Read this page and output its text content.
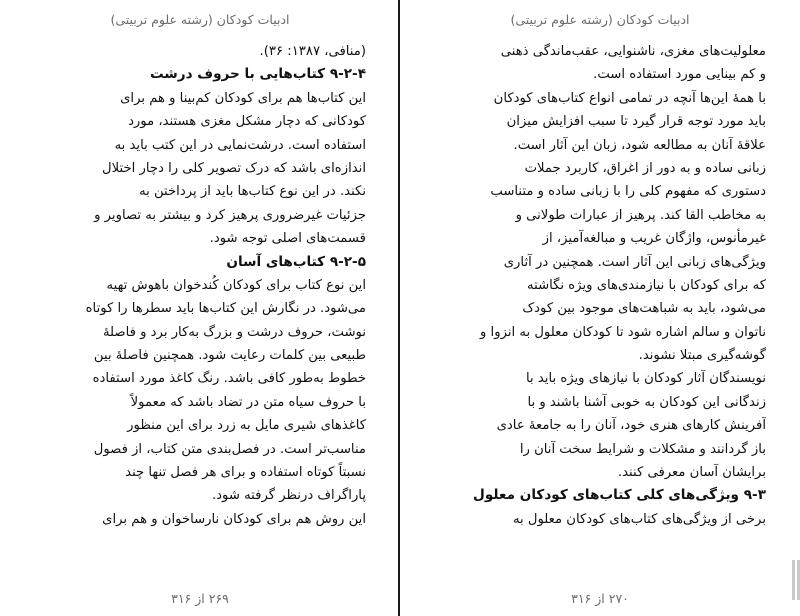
ادبیات کودکان (رشته علوم تربیتی)
(منافی، ۱۳۸۷: ۳۶).
۹-۲-۴ کتاب‌هایی با حروف درشت
این کتاب‌ها هم برای کودکان کم‌بینا و هم برای
کودکانی که دچار مشکل مغزی هستند، مورد
استفاده است. درشت‌نمایی در این کتب باید به
اندازه‌ای باشد که درک تصویر کلی را دچار اختلال
نکند. در این نوع کتاب‌ها باید از پرداختن به
جزئیات غیرضروری پرهیز کرد و بیشتر به تصاویر و
قسمت‌های اصلی توجه شود.
۹-۲-۵ کتاب‌های آسان
این نوع کتاب برای کودکان کُندخوان باهوش تهیه
می‌شود. در نگارش این کتاب‌ها باید سطرها را کوتاه
نوشت، حروف درشت و بزرگ به‌کار برد و فاصلهٔ
طبیعی بین کلمات رعایت شود. همچنین فاصلهٔ بین
خطوط به‌طور کافی باشد. رنگ کاغذ مورد استفاده
با حروف سیاه متن در تضاد باشد که معمولاً
کاغذهای شیری مایل به زرد برای این منظور
مناسب‌تر است. در فصل‌بندی متن کتاب، از فصول
نسبتاً کوتاه استفاده و برای هر فصل تنها چند
پاراگراف درنظر گرفته شود.
این روش هم برای کودکان نارساخوان و هم برای
۲۶۹ از ۳۱۶
ادبیات کودکان (رشته علوم تربیتی)
معلولیت‌های مغزی، ناشنوایی، عقب‌ماندگی ذهنی
و کم بینایی مورد استفاده است.
با همهٔ این‌ها آنچه در تمامی انواع کتاب‌های کودکان
باید مورد توجه قرار گیرد تا سبب افزایش میزان
علاقهٔ آنان به مطالعه شود، زبان این آثار است.
زبانی ساده و به دور از اغراق، کاربرد جملات
دستوری که مفهوم کلی را با زبانی ساده و متناسب
به مخاطب القا کند. پرهیز از عبارات طولانی و
غیرمأنوس، واژگان غریب و مبالغه‌آمیز، از
ویژگی‌های زبانی این آثار است. همچنین در آثاری
که برای کودکان با نیازمندی‌های ویژه نگاشته
می‌شود، باید به شباهت‌های موجود بین کودک
ناتوان و سالم اشاره شود تا کودکان معلول به انزوا و
گوشه‌گیری مبتلا نشوند.
نویسندگان آثار کودکان با نیازهای ویژه باید با
زندگانی این کودکان به خوبی آشنا باشند و با
آفرینش کارهای هنری خود، آنان را به جامعهٔ عادی
باز گردانند و مشکلات و شرایط سخت آنان را
برایشان آسان معرفی کنند.
۹-۳ ویژگی‌های کلی کتاب‌های کودکان معلول
برخی از ویژگی‌های کتاب‌های کودکان معلول به
۲۷۰ از ۳۱۶
